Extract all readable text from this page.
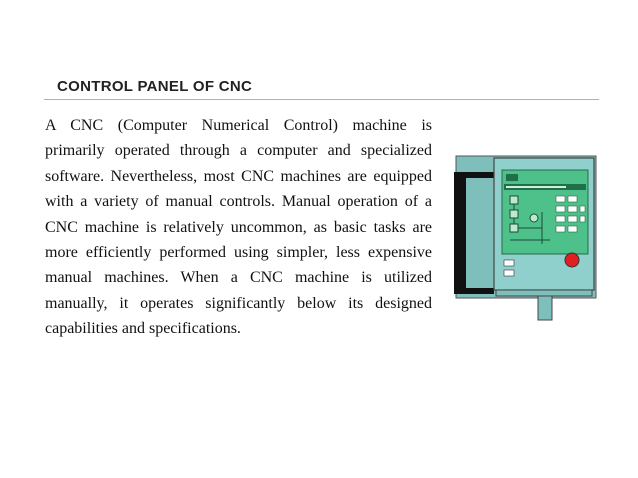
CONTROL PANEL OF CNC

A CNC (Computer Numerical Control) machine is primarily operated through a computer and specialized software. Nevertheless, most CNC machines are equipped with a variety of manual controls. Manual operation of a CNC machine is relatively uncommon, as basic tasks are more efficiently performed using simpler, less expensive manual machines. When a CNC machine is utilized manually, it operates significantly below its designed capabilities and specifications.
